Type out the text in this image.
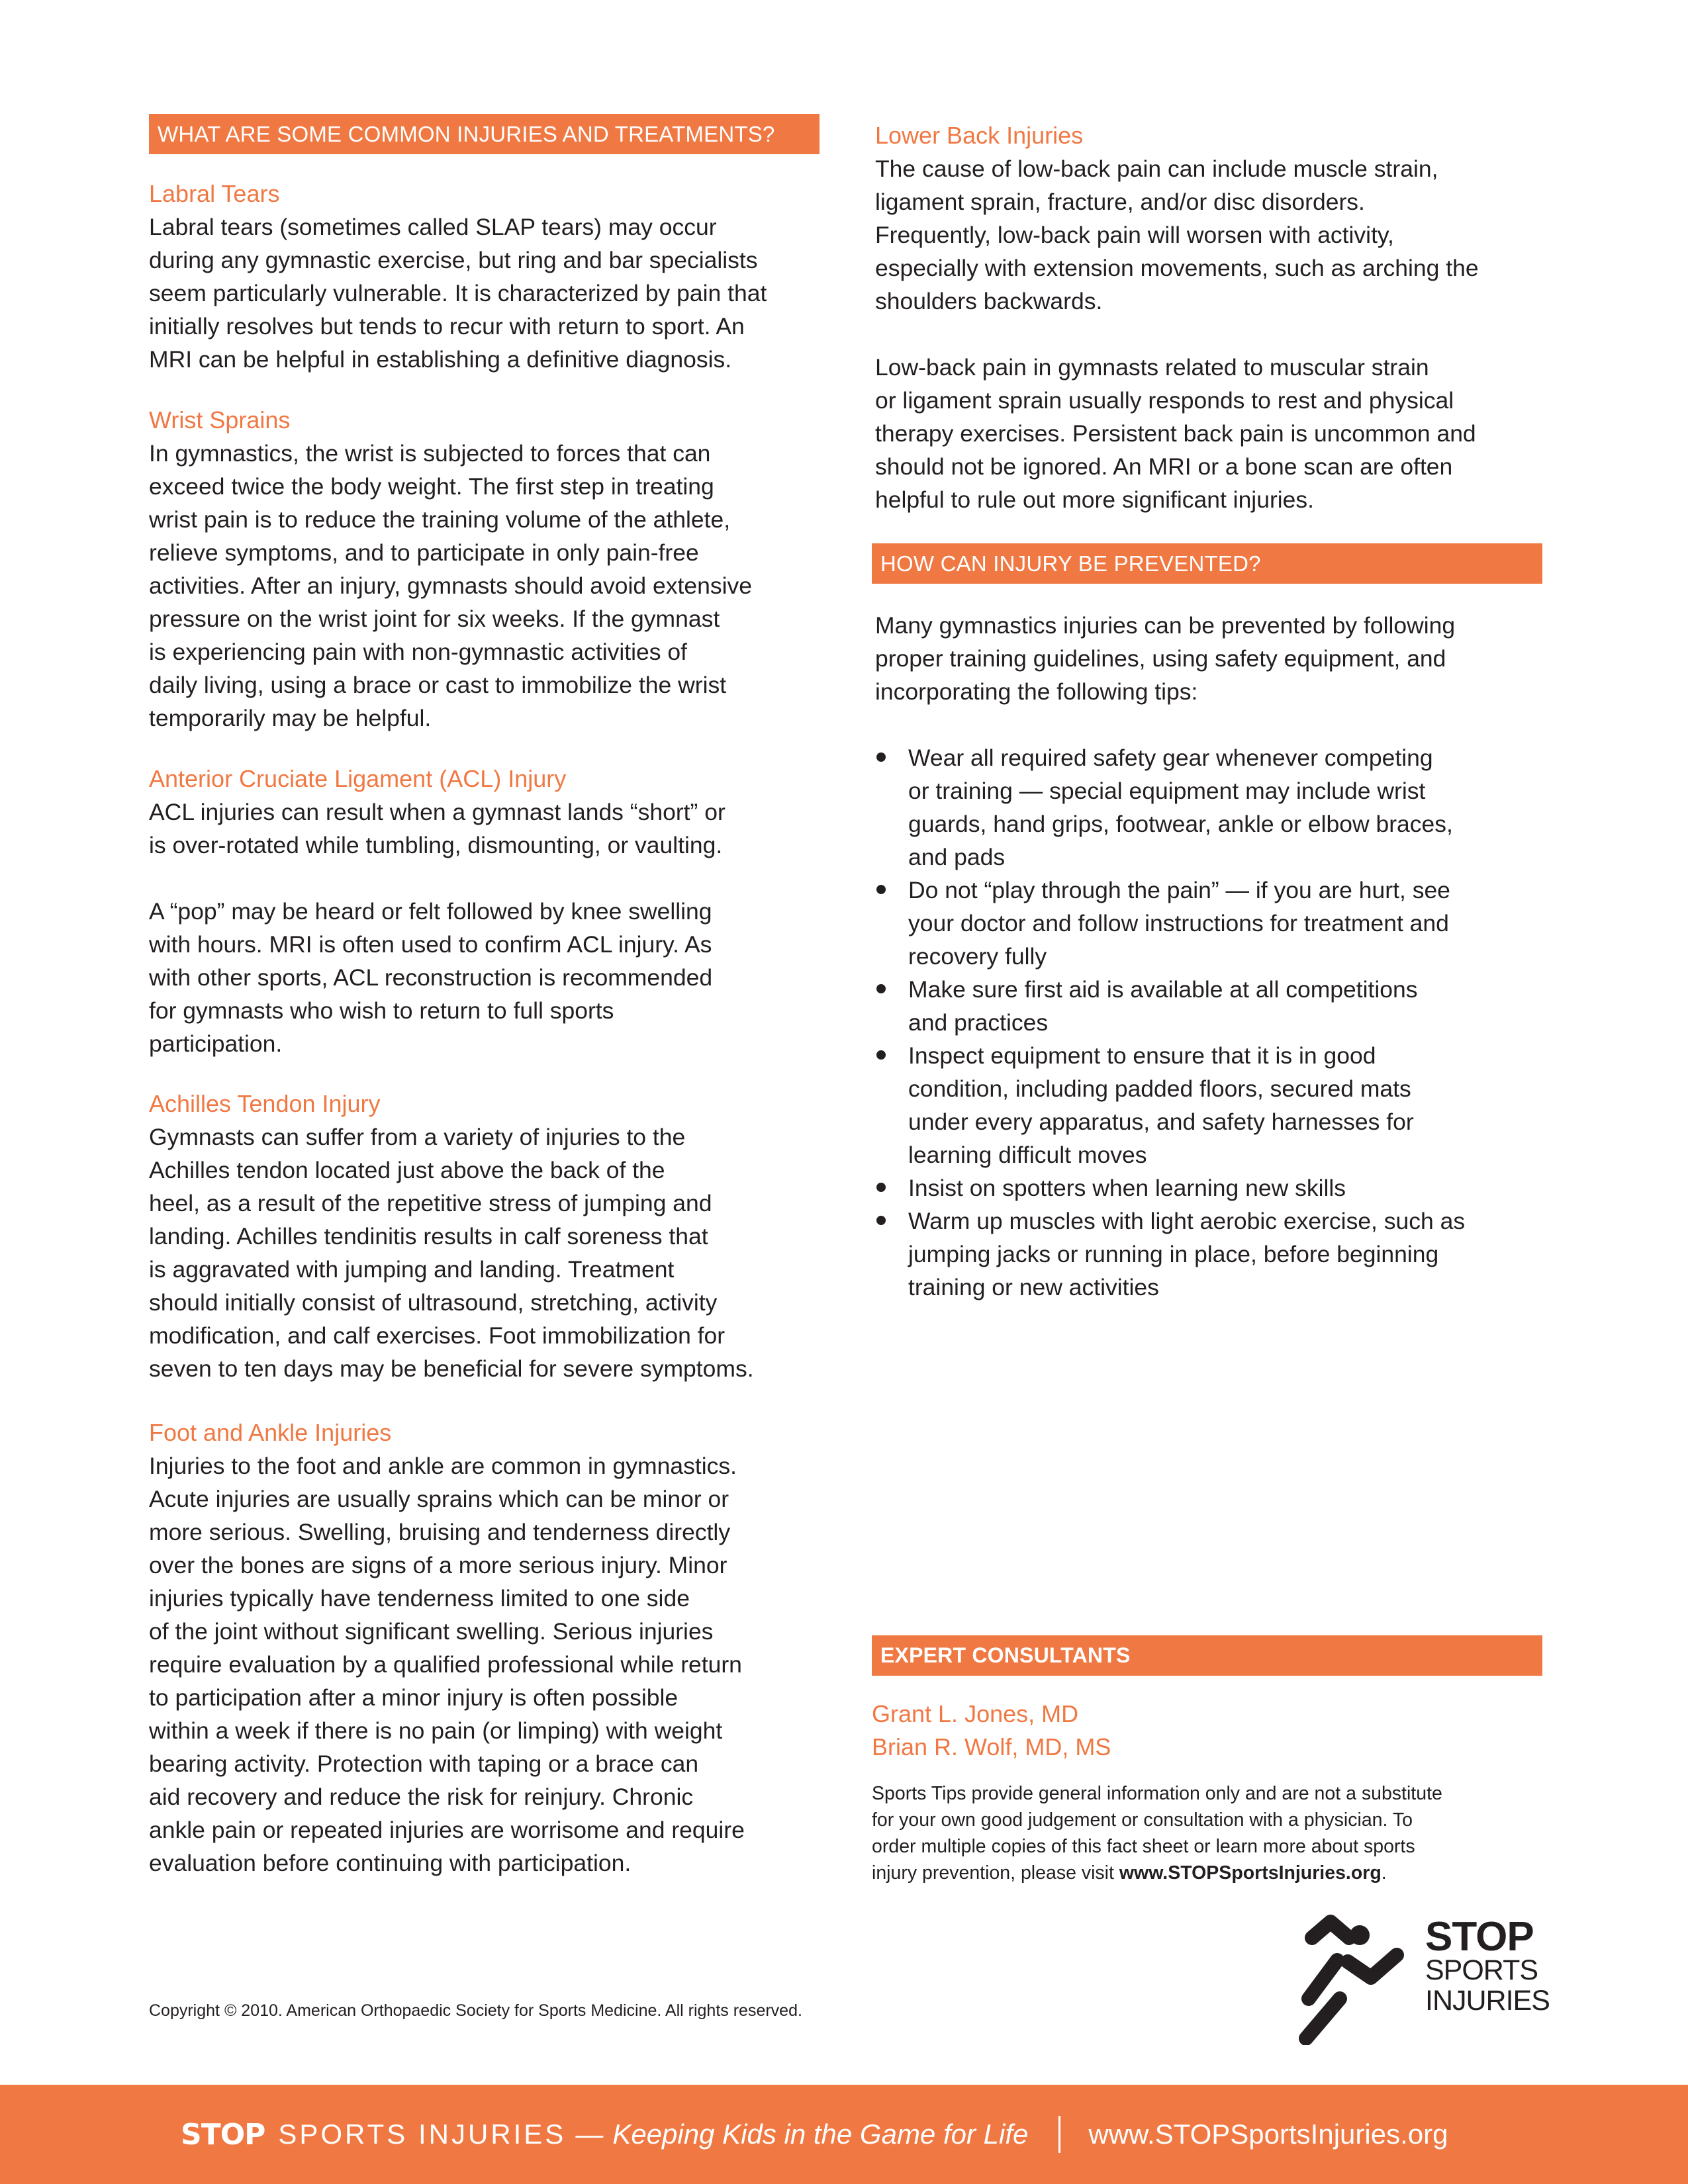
WHAT ARE SOME COMMON INJURIES AND TREATMENTS?
Labral Tears
Labral tears (sometimes called SLAP tears) may occur
during any gymnastic exercise, but ring and bar specialists
seem particularly vulnerable. It is characterized by pain that
initially resolves but tends to recur with return to sport. An
MRI can be helpful in establishing a definitive diagnosis.
Wrist Sprains
In gymnastics, the wrist is subjected to forces that can
exceed twice the body weight. The first step in treating
wrist pain is to reduce the training volume of the athlete,
relieve symptoms, and to participate in only pain-free
activities. After an injury, gymnasts should avoid extensive
pressure on the wrist joint for six weeks. If the gymnast
is experiencing pain with non-gymnastic activities of
daily living, using a brace or cast to immobilize the wrist
temporarily may be helpful.
Anterior Cruciate Ligament (ACL) Injury
ACL injuries can result when a gymnast lands “short” or
is over-rotated while tumbling, dismounting, or vaulting.
A “pop” may be heard or felt followed by knee swelling
with hours. MRI is often used to confirm ACL injury. As
with other sports, ACL reconstruction is recommended
for gymnasts who wish to return to full sports
participation.
Achilles Tendon Injury
Gymnasts can suffer from a variety of injuries to the
Achilles tendon located just above the back of the
heel, as a result of the repetitive stress of jumping and
landing. Achilles tendinitis results in calf soreness that
is aggravated with jumping and landing. Treatment
should initially consist of ultrasound, stretching, activity
modification, and calf exercises. Foot immobilization for
seven to ten days may be beneficial for severe symptoms.
Foot and Ankle Injuries
Injuries to the foot and ankle are common in gymnastics.
Acute injuries are usually sprains which can be minor or
more serious. Swelling, bruising and tenderness directly
over the bones are signs of a more serious injury. Minor
injuries typically have tenderness limited to one side
of the joint without significant swelling. Serious injuries
require evaluation by a qualified professional while return
to participation after a minor injury is often possible
within a week if there is no pain (or limping) with weight
bearing activity. Protection with taping or a brace can
aid recovery and reduce the risk for reinjury. Chronic
ankle pain or repeated injuries are worrisome and require
evaluation before continuing with participation.
Lower Back Injuries
The cause of low-back pain can include muscle strain,
ligament sprain, fracture, and/or disc disorders.
Frequently, low-back pain will worsen with activity,
especially with extension movements, such as arching the
shoulders backwards.
Low-back pain in gymnasts related to muscular strain
or ligament sprain usually responds to rest and physical
therapy exercises. Persistent back pain is uncommon and
should not be ignored. An MRI or a bone scan are often
helpful to rule out more significant injuries.
HOW CAN INJURY BE PREVENTED?
Many gymnastics injuries can be prevented by following
proper training guidelines, using safety equipment, and
incorporating the following tips:
Wear all required safety gear whenever competing
or training — special equipment may include wrist
guards, hand grips, footwear, ankle or elbow braces,
and pads
Do not “play through the pain” — if you are hurt, see
your doctor and follow instructions for treatment and
recovery fully
Make sure first aid is available at all competitions
and practices
Inspect equipment to ensure that it is in good
condition, including padded floors, secured mats
under every apparatus, and safety harnesses for
learning difficult moves
Insist on spotters when learning new skills
Warm up muscles with light aerobic exercise, such as
jumping jacks or running in place, before beginning
training or new activities
EXPERT CONSULTANTS
Grant L. Jones, MD
Brian R. Wolf, MD, MS
Sports Tips provide general information only and are not a substitute
for your own good judgement or consultation with a physician. To
order multiple copies of this fact sheet or learn more about sports
injury prevention, please visit www.STOPSportsInjuries.org.
STOP
SPORTS
INJURIES
Copyright © 2010. American Orthopaedic Society for Sports Medicine. All rights reserved.
STOP SPORTS INJURIES — Keeping Kids in the Game for Life www.STOPSportsInjuries.org
